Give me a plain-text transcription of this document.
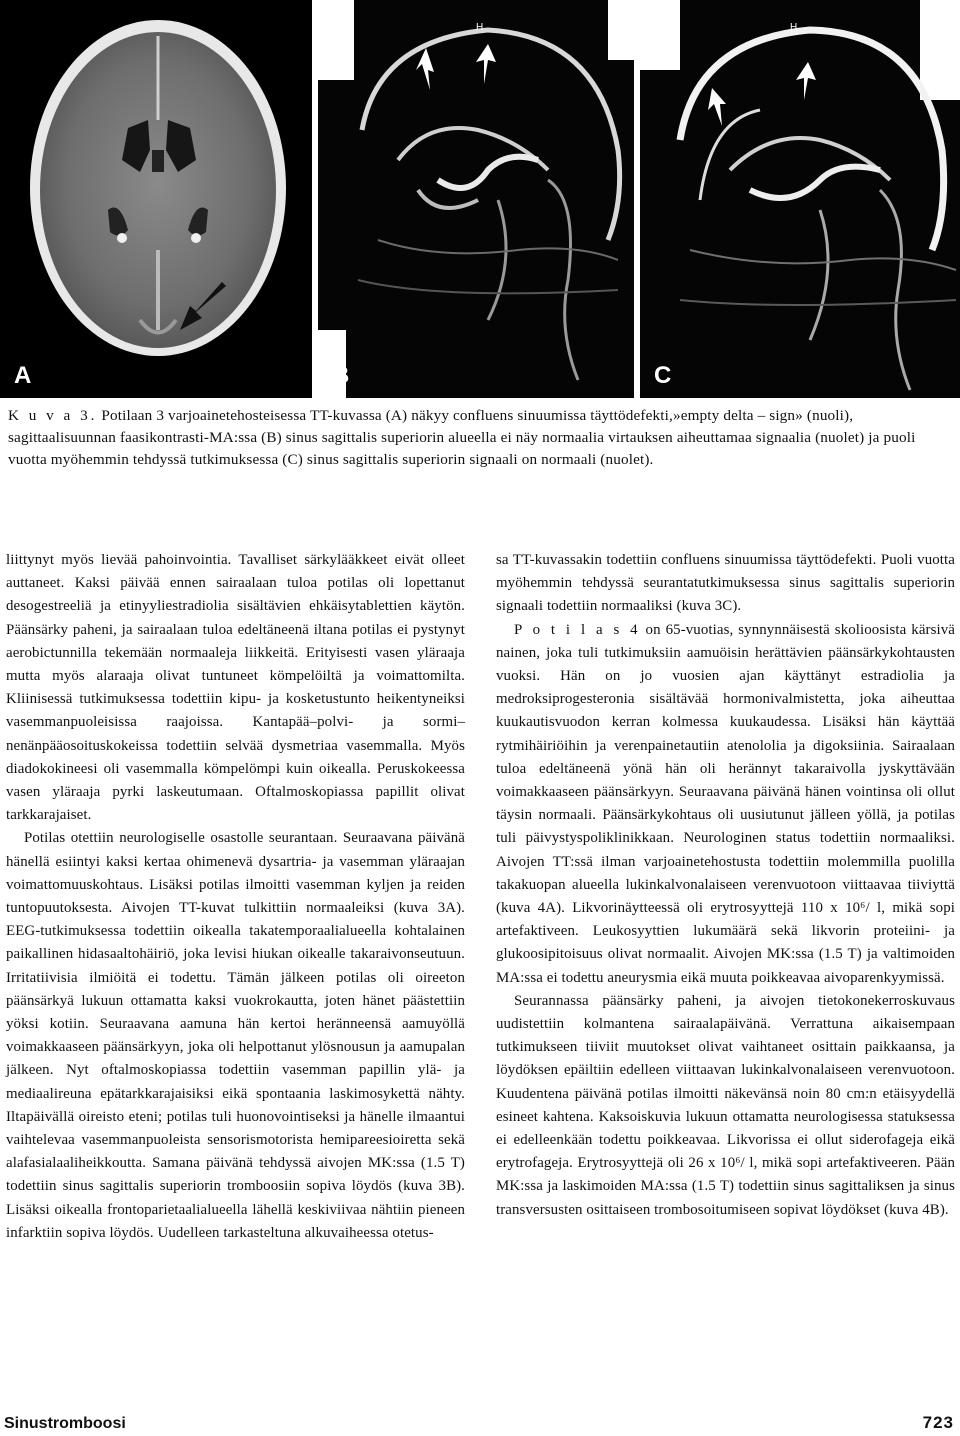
A
H
B
H
C
K u v a 3. Potilaan 3 varjoainetehosteisessa TT-kuvassa (A) näkyy confluens sinuumissa täyttödefekti,»empty delta – sign» (nuoli), sagittaalisuunnan faasikontrasti-MA:ssa (B) sinus sagittalis superiorin alueella ei näy normaalia virtauksen aiheuttamaa signaalia (nuolet) ja puoli vuotta myöhemmin tehdyssä tutkimuksessa (C) sinus sagittalis superiorin signaali on normaali (nuolet).

liittynyt myös lievää pahoinvointia. Tavalliset särkylääkkeet eivät olleet auttaneet. Kaksi päivää ennen sairaalaan tuloa potilas oli lopettanut desogestreeliä ja etinyyliestradiolia sisältävien ehkäisytablettien käytön. Päänsärky paheni, ja sairaalaan tuloa edeltäneenä iltana potilas ei pystynyt aerobictunnilla tekemään normaaleja liikkeitä. Erityisesti vasen yläraaja mutta myös alaraaja olivat tuntuneet kömpelöiltä ja voimattomilta. Kliinisessä tutkimuksessa todettiin kipu- ja kosketustunto heikentyneiksi vasemmanpuoleisissa raajoissa. Kantapää–polvi- ja sormi–nenänpääosoituskokeissa todettiin selvää dysmetriaa vasemmalla. Myös diadokokineesi oli vasemmalla kömpelömpi kuin oikealla. Peruskokeessa vasen yläraaja pyrki laskeutumaan. Oftalmoskopiassa papillit olivat tarkkarajaiset.

Potilas otettiin neurologiselle osastolle seurantaan. Seuraavana päivänä hänellä esiintyi kaksi kertaa ohimenevä dysartria- ja vasemman yläraajan voimattomuuskohtaus. Lisäksi potilas ilmoitti vasemman kyljen ja reiden tuntopuutoksesta. Aivojen TT-kuvat tulkittiin normaaleiksi (kuva 3A). EEG-tutkimuksessa todettiin oikealla takatemporaalialueella kohtalainen paikallinen hidasaaltohäiriö, joka levisi hiukan oikealle takaraivonseutuun. Irritatiivisia ilmiöitä ei todettu. Tämän jälkeen potilas oli oireeton päänsärkyä lukuun ottamatta kaksi vuokrokautta, joten hänet päästettiin yöksi kotiin. Seuraavana aamuna hän kertoi heränneensä aamuyöllä voimakkaaseen päänsärkyyn, joka oli helpottanut ylösnousun ja aamupalan jälkeen. Nyt oftalmoskopiassa todettiin vasemman papillin ylä- ja mediaalireuna epätarkkarajaisiksi eikä spontaania laskimosykettä nähty. Iltapäivällä oireisto eteni; potilas tuli huonovointiseksi ja hänelle ilmaantui vaihtelevaa vasemmanpuoleista sensorismotorista hemipareesioiretta sekä alafasialaaliheikkoutta. Samana päivänä tehdyssä aivojen MK:ssa (1.5 T) todettiin sinus sagittalis superiorin tromboosiin sopiva löydös (kuva 3B). Lisäksi oikealla frontoparietaalialueella lähellä keskiviivaa nähtiin pieneen infarktiin sopiva löydös. Uudelleen tarkasteltuna alkuvaiheessa otetus-

sa TT-kuvassakin todettiin confluens sinuumissa täyttödefekti. Puoli vuotta myöhemmin tehdyssä seurantatutkimuksessa sinus sagittalis superiorin signaali todettiin normaaliksi (kuva 3C).

P o t i l a s 4 on 65-vuotias, synnynnäisestä skolioosista kärsivä nainen, joka tuli tutkimuksiin aamuöisin herättävien päänsärkykohtausten vuoksi. Hän on jo vuosien ajan käyttänyt estradiolia ja medroksiprogesteronia sisältävää hormonivalmistetta, joka aiheuttaa kuukautisvuodon kerran kolmessa kuukaudessa. Lisäksi hän käyttää rytmihäiriöihin ja verenpainetautiin atenololia ja digoksiinia. Sairaalaan tuloa edeltäneenä yönä hän oli herännyt takaraivolla jyskyttävään voimakkaaseen päänsärkyyn. Seuraavana päivänä hänen vointinsa oli ollut täysin normaali. Päänsärkykohtaus oli uusiutunut jälleen yöllä, ja potilas tuli päivystyspoliklinikkaan. Neurologinen status todettiin normaaliksi. Aivojen TT:ssä ilman varjoainetehostusta todettiin molemmilla puolilla takakuopan alueella lukinkalvonalaiseen verenvuotoon viittaavaa tiiviyttä (kuva 4A). Likvorinäytteessä oli erytrosyyttejä 110 x 10⁶/ l, mikä sopi artefaktiveen. Leukosyyttien lukumäärä sekä likvorin proteiini- ja glukoosipitoisuus olivat normaalit. Aivojen MK:ssa (1.5 T) ja valtimoiden MA:ssa ei todettu aneurysmia eikä muuta poikkeavaa aivoparenkyymissä.

Seurannassa päänsärky paheni, ja aivojen tietokonekerroskuvaus uudistettiin kolmantena sairaalapäivänä. Verrattuna aikaisempaan tutkimukseen tiiviit muutokset olivat vaihtaneet osittain paikkaansa, ja löydöksen epäiltiin edelleen viittaavan lukinkalvonalaiseen verenvuotoon. Kuudentena päivänä potilas ilmoitti näkevänsä noin 80 cm:n etäisyydellä esineet kahtena. Kaksoiskuvia lukuun ottamatta neurologisessa statuksessa ei edelleenkään todettu poikkeavaa. Likvorissa ei ollut siderofageja eikä erytrofageja. Erytrosyyttejä oli 26 x 10⁶/ l, mikä sopi artefaktiveeren. Pään MK:ssa ja laskimoiden MA:ssa (1.5 T) todettiin sinus sagittaliksen ja sinus transversusten osittaiseen trombosoitumiseen sopivat löydökset (kuva 4B).

Sinustromboosi	723
